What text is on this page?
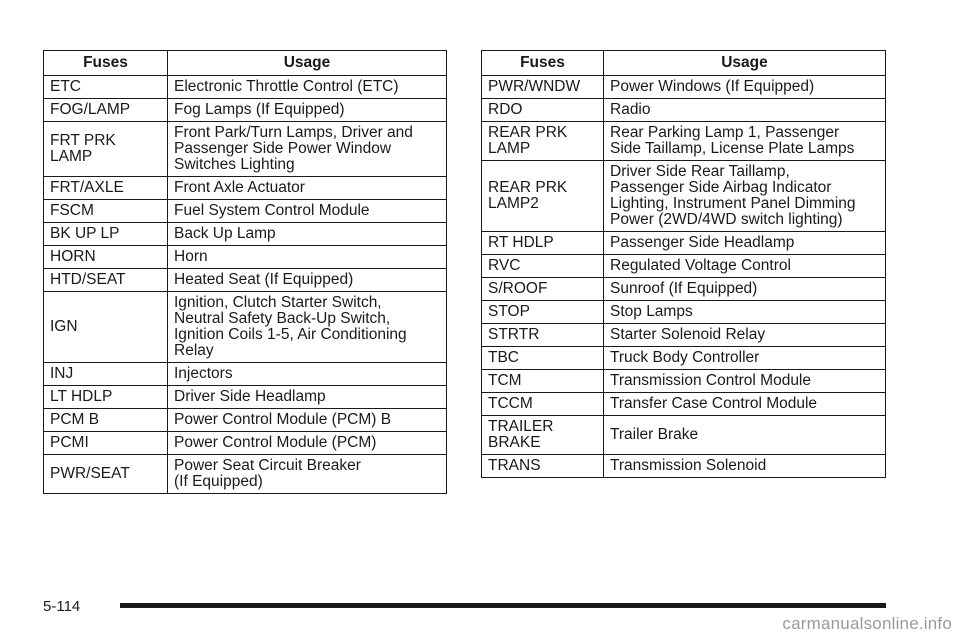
Fuses	Usage
ETC	Electronic Throttle Control (ETC)
FOG/LAMP	Fog Lamps (If Equipped)
FRT PRK
LAMP	Front Park/Turn Lamps, Driver and
Passenger Side Power Window
Switches Lighting
FRT/AXLE	Front Axle Actuator
FSCM	Fuel System Control Module
BK UP LP	Back Up Lamp
HORN	Horn
HTD/SEAT	Heated Seat (If Equipped)
IGN	Ignition, Clutch Starter Switch,
Neutral Safety Back-Up Switch,
Ignition Coils 1-5, Air Conditioning
Relay
INJ	Injectors
LT HDLP	Driver Side Headlamp
PCM B	Power Control Module (PCM) B
PCMI	Power Control Module (PCM)
PWR/SEAT	Power Seat Circuit Breaker
(If Equipped)
Fuses	Usage
PWR/WNDW	Power Windows (If Equipped)
RDO	Radio
REAR PRK
LAMP	Rear Parking Lamp 1, Passenger
Side Taillamp, License Plate Lamps
REAR PRK
LAMP2	Driver Side Rear Taillamp,
Passenger Side Airbag Indicator
Lighting, Instrument Panel Dimming
Power (2WD/4WD switch lighting)
RT HDLP	Passenger Side Headlamp
RVC	Regulated Voltage Control
S/ROOF	Sunroof (If Equipped)
STOP	Stop Lamps
STRTR	Starter Solenoid Relay
TBC	Truck Body Controller
TCM	Transmission Control Module
TCCM	Transfer Case Control Module
TRAILER
BRAKE	Trailer Brake
TRANS	Transmission Solenoid
5-114
carmanualsonline.info
